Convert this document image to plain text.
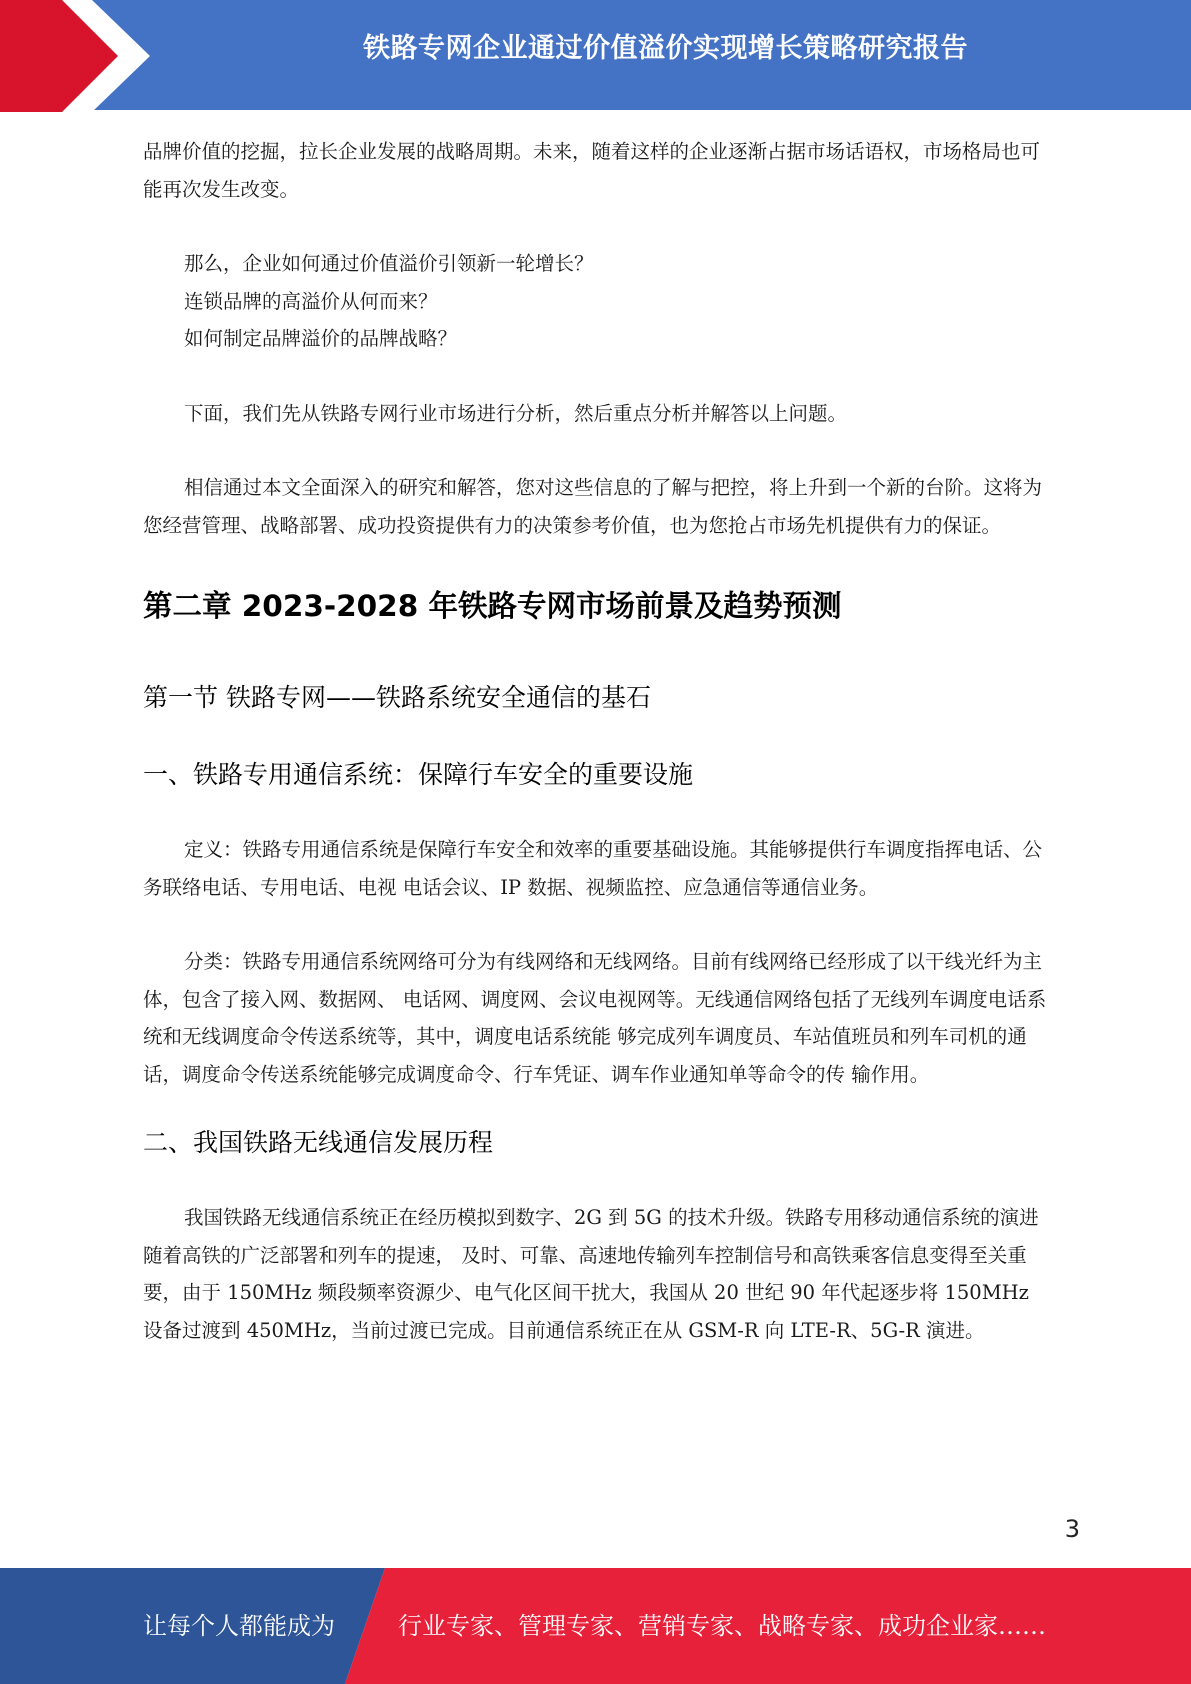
铁路专网企业通过价值溢价实现增长策略研究报告

品牌价值的挖掘，拉长企业发展的战略周期。未来，随着这样的企业逐渐占据市场话语权，市场格局也可能再次发生改变。

那么，企业如何通过价值溢价引领新一轮增长？

连锁品牌的高溢价从何而来？

如何制定品牌溢价的品牌战略？

下面，我们先从铁路专网行业市场进行分析，然后重点分析并解答以上问题。

相信通过本文全面深入的研究和解答，您对这些信息的了解与把控，将上升到一个新的台阶。这将为您经营管理、战略部署、成功投资提供有力的决策参考价值，也为您抢占市场先机提供有力的保证。

第二章 2023-2028 年铁路专网市场前景及趋势预测
第一节 铁路专网——铁路系统安全通信的基石
一、铁路专用通信系统：保障行车安全的重要设施

定义：铁路专用通信系统是保障行车安全和效率的重要基础设施。其能够提供行车调度指挥电话、公务联络电话、专用电话、电视 电话会议、IP 数据、视频监控、应急通信等通信业务。

分类：铁路专用通信系统网络可分为有线网络和无线网络。目前有线网络已经形成了以干线光纤为主体，包含了接入网、数据网、 电话网、调度网、会议电视网等。无线通信网络包括了无线列车调度电话系统和无线调度命令传送系统等，其中，调度电话系统能 够完成列车调度员、车站值班员和列车司机的通话，调度命令传送系统能够完成调度命令、行车凭证、调车作业通知单等命令的传 输作用。

二、我国铁路无线通信发展历程

我国铁路无线通信系统正在经历模拟到数字、2G 到 5G 的技术升级。铁路专用移动通信系统的演进随着高铁的广泛部署和列车的提速， 及时、可靠、高速地传输列车控制信号和高铁乘客信息变得至关重要，由于 150MHz 频段频率资源少、电气化区间干扰大，我国从 20 世纪 90 年代起逐步将 150MHz 设备过渡到 450MHz，当前过渡已完成。目前通信系统正在从 GSM-R 向 LTE-R、5G-R 演进。

3
让每个人都能成为	行业专家、管理专家、营销专家、战略专家、成功企业家……
